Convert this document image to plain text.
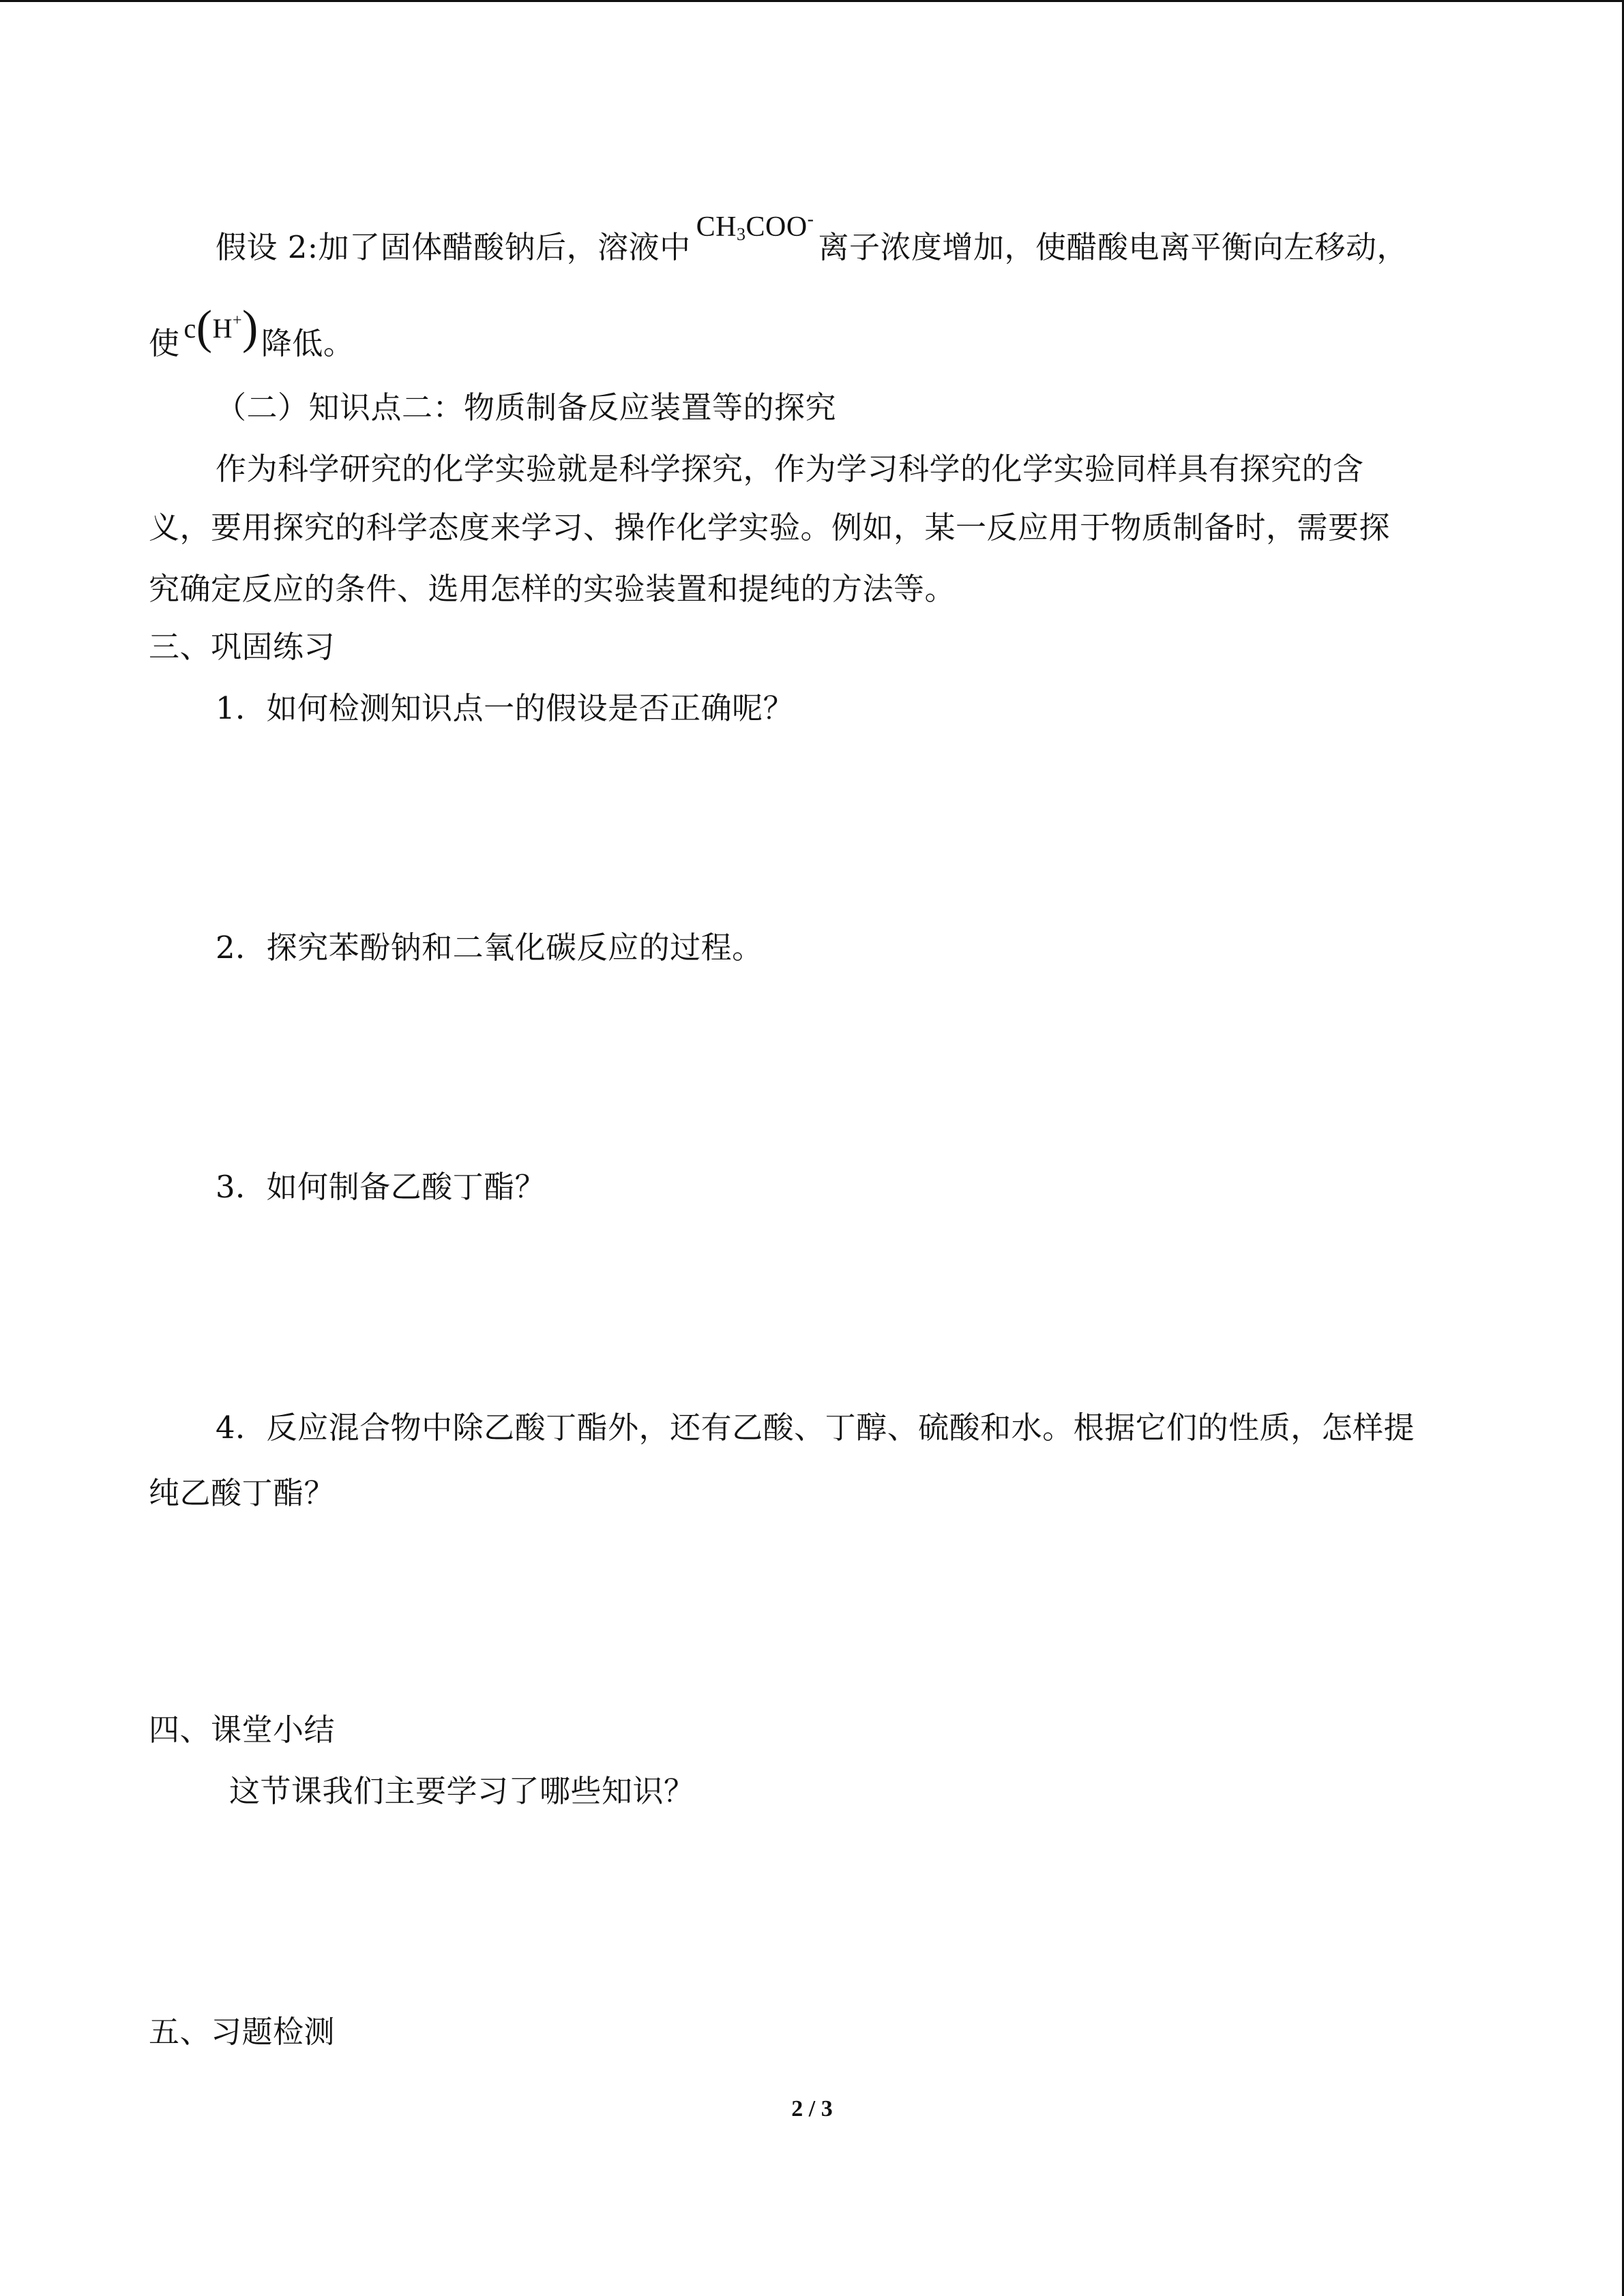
假设 2:加了固体醋酸钠后，溶液中$CH_3COO^-$离子浓度增加，使醋酸电离平衡向左移动，
使 c(H+)降低。
（二）知识点二：物质制备反应装置等的探究
作为科学研究的化学实验就是科学探究，作为学习科学的化学实验同样具有探究的含
义，要用探究的科学态度来学习、操作化学实验。例如，某一反应用于物质制备时，需要探
究确定反应的条件、选用怎样的实验装置和提纯的方法等。
三、巩固练习
1．如何检测知识点一的假设是否正确呢？
2．探究苯酚钠和二氧化碳反应的过程。
3．如何制备乙酸丁酯？
4．反应混合物中除乙酸丁酯外，还有乙酸、丁醇、硫酸和水。根据它们的性质，怎样提
纯乙酸丁酯？
四、课堂小结
这节课我们主要学习了哪些知识？
五、习题检测
2 / 3
